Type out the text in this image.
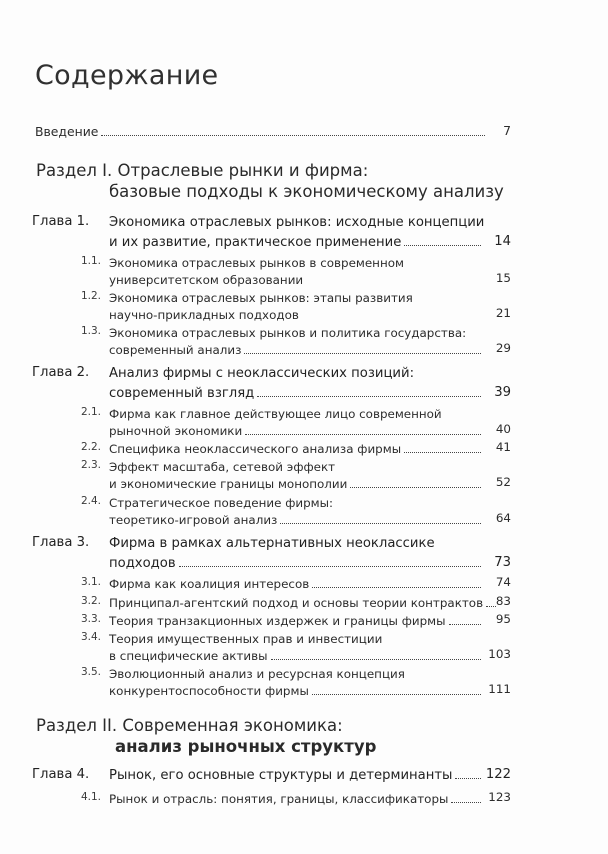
Содержание
Введение	7
Раздел I. Отраслевые рынки и фирма:
базовые подходы к экономическому анализу
Глава 1. Экономика отраслевых рынков: исходные концепции
и их развитие, практическое применение	14
1.1. Экономика отраслевых рынков в современном
университетском образовании	15
1.2. Экономика отраслевых рынков: этапы развития
научно-прикладных подходов	21
1.3. Экономика отраслевых рынков и политика государства:
современный анализ	29
Глава 2. Анализ фирмы с неоклассических позиций:
современный взгляд	39
2.1. Фирма как главное действующее лицо современной
рыночной экономики	40
2.2. Специфика неоклассического анализа фирмы	41
2.3. Эффект масштаба, сетевой эффект
и экономические границы монополии	52
2.4. Стратегическое поведение фирмы:
теоретико-игровой анализ	64
Глава 3. Фирма в рамках альтернативных неоклассике
подходов	73
3.1. Фирма как коалиция интересов	74
3.2. Принципал-агентский подход и основы теории контрактов	83
3.3. Теория транзакционных издержек и границы фирмы	95
3.4. Теория имущественных прав и инвестиции
в специфические активы	103
3.5. Эволюционный анализ и ресурсная концепция
конкурентоспособности фирмы	111
Раздел II. Современная экономика:
анализ рыночных структур
Глава 4. Рынок, его основные структуры и детерминанты	122
4.1. Рынок и отрасль: понятия, границы, классификаторы	123
